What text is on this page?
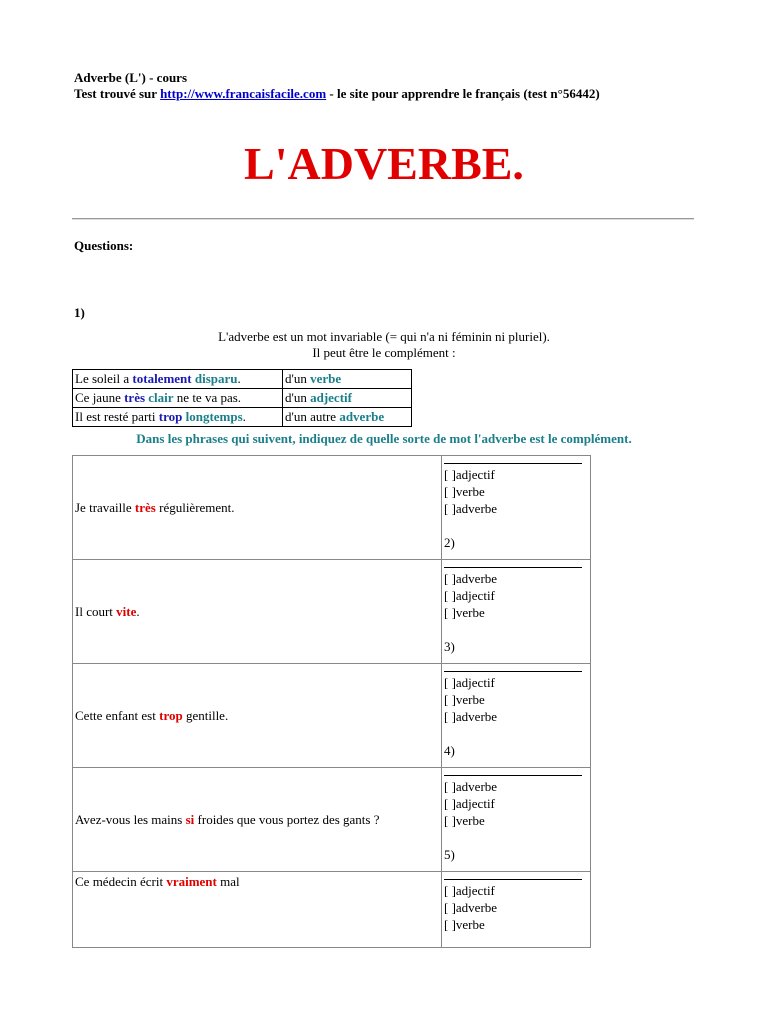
Adverbe (L') - cours
Test trouvé sur http://www.francaisfacile.com - le site pour apprendre le français (test n°56442)
L'ADVERBE.
Questions:
1)
L'adverbe est un mot invariable (= qui n'a ni féminin ni pluriel).
Il peut être le complément :
Le soleil a totalement disparu.	d'un verbe
Ce jaune très clair ne te va pas.	d'un adjectif
Il est resté parti trop longtemps.	d'un autre adverbe
Dans les phrases qui suivent, indiquez de quelle sorte de mot l'adverbe est le complément.
Je travaille très régulièrement.	[ ]adjectif
[ ]verbe
[ ]adverbe
2)

Il court vite.	[ ]adverbe
[ ]adjectif
[ ]verbe
3)

Cette enfant est trop gentille.	[ ]adjectif
[ ]verbe
[ ]adverbe
4)

Avez-vous les mains si froides que vous portez des gants ?	[ ]adverbe
[ ]adjectif
[ ]verbe
5)

Ce médecin écrit vraiment mal	[ ]adjectif
[ ]adverbe
[ ]verbe
